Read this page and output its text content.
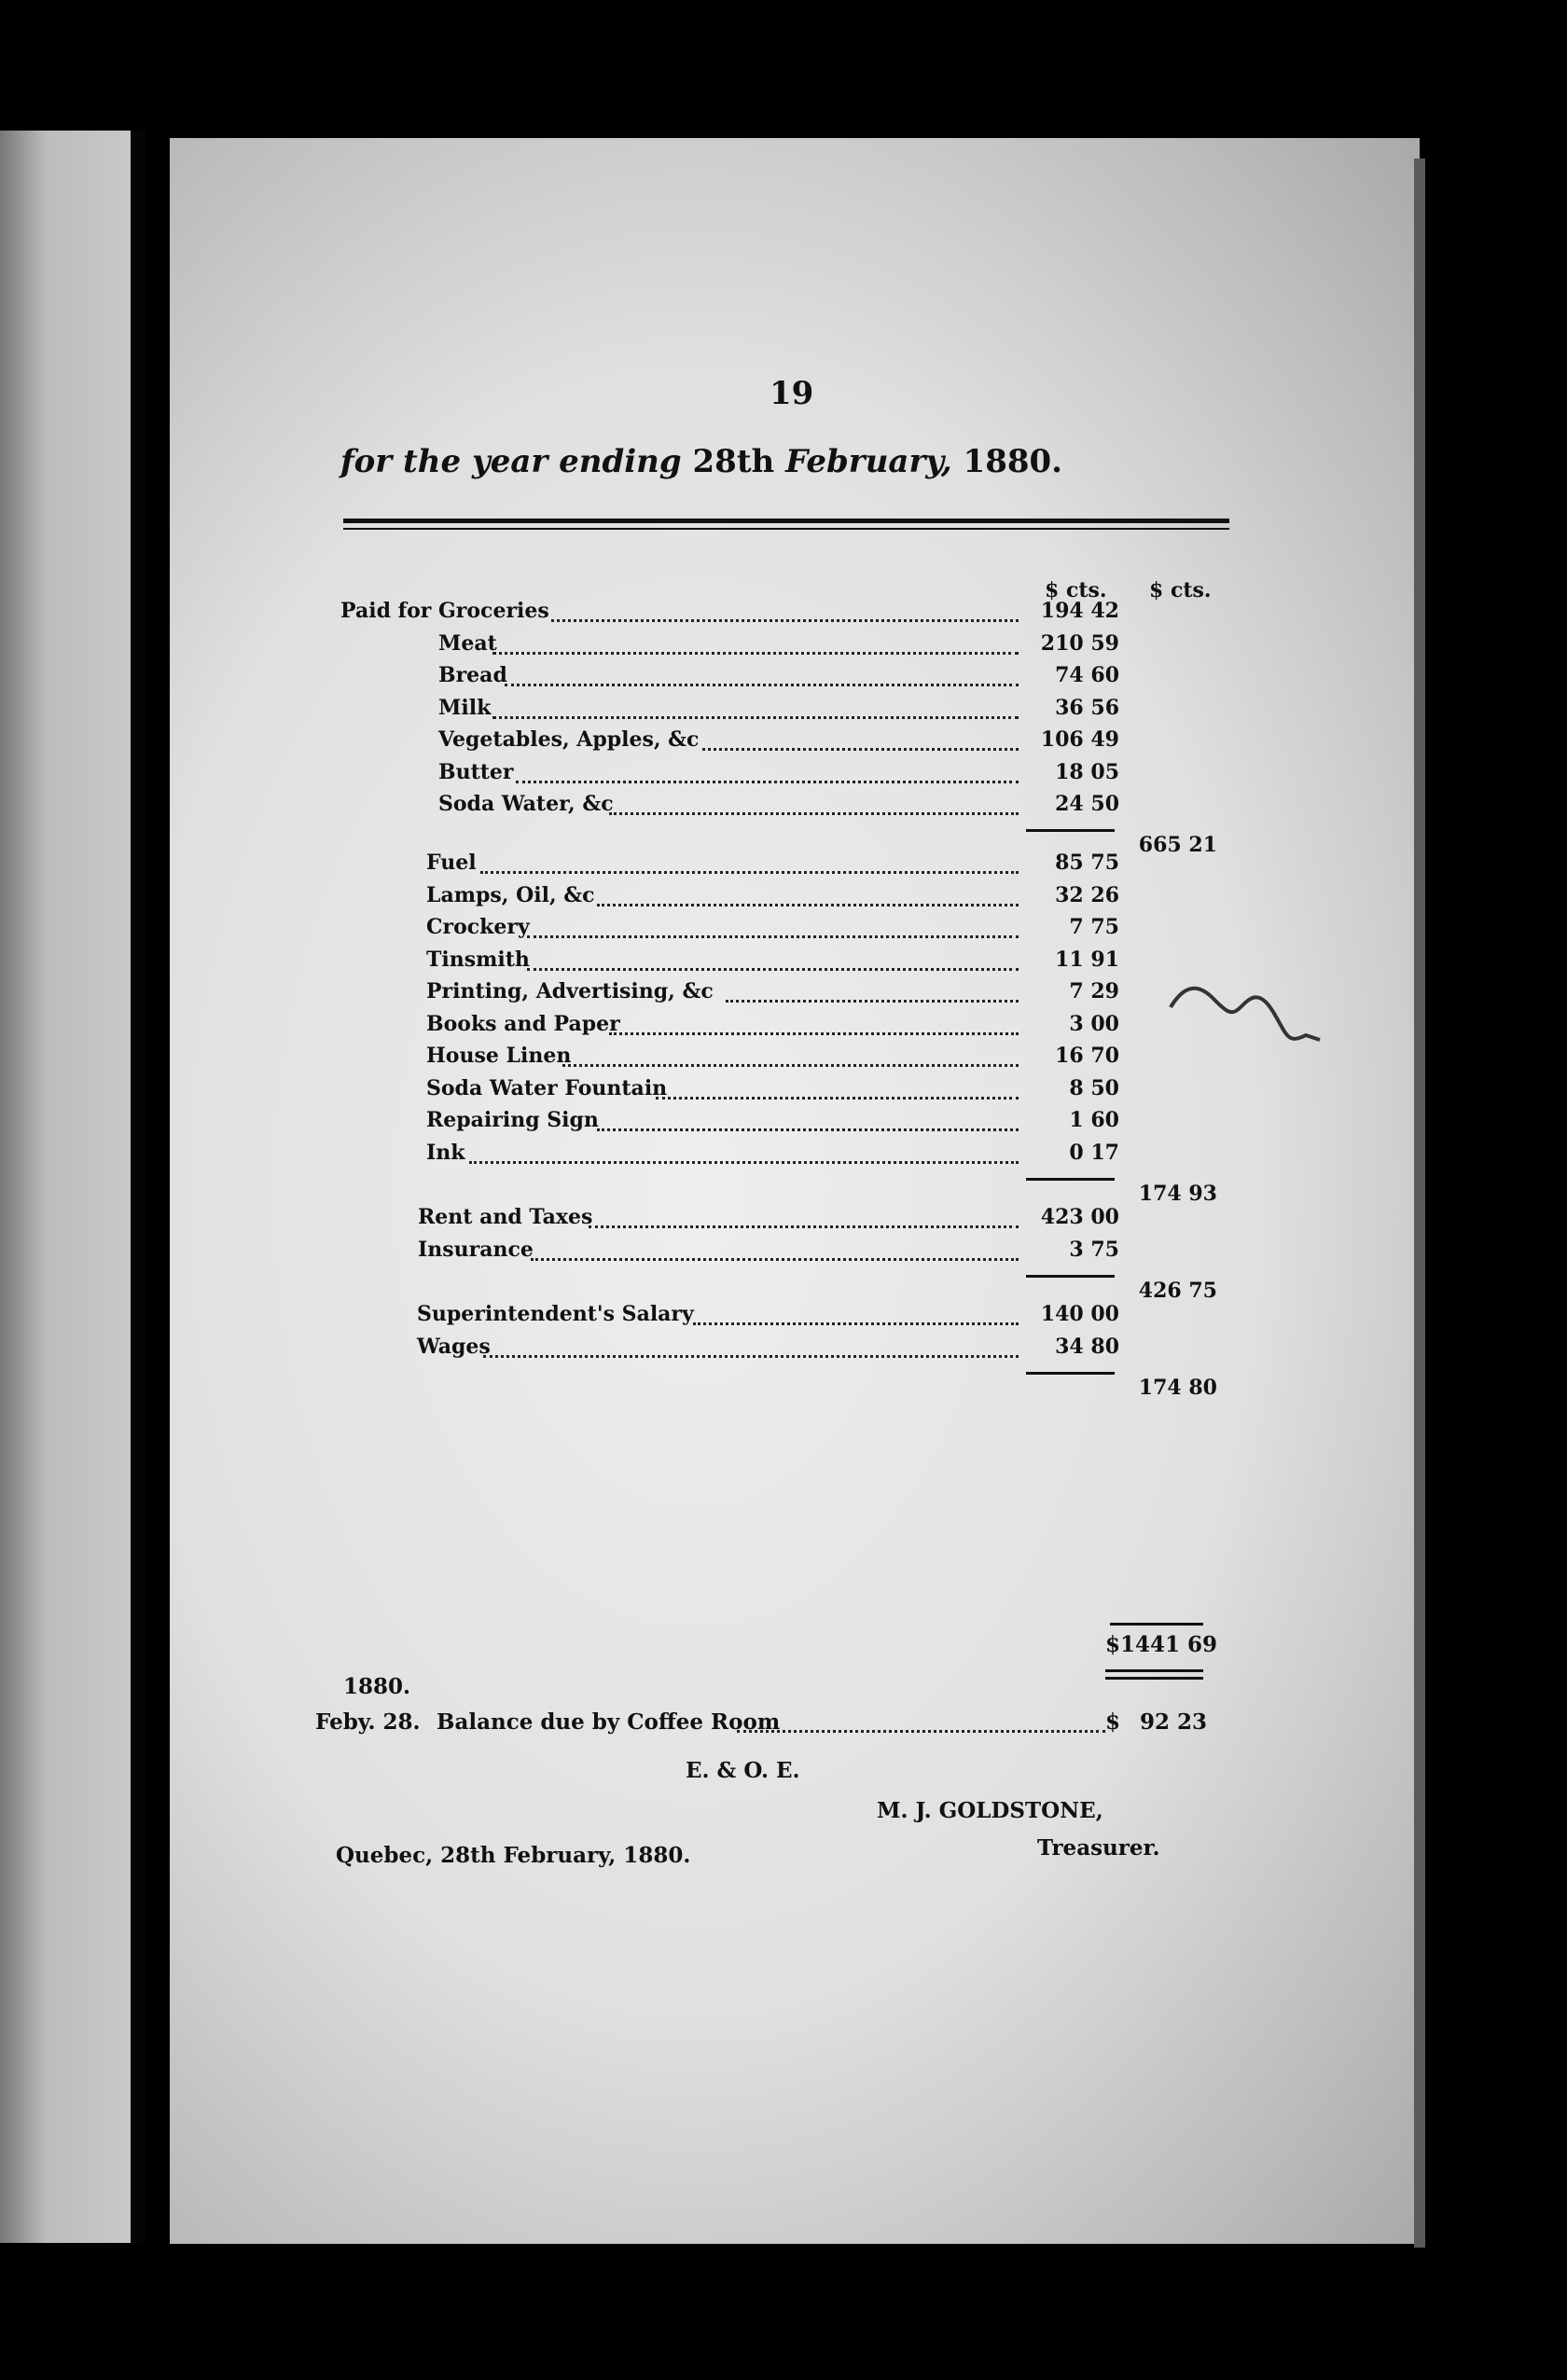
19
for the year ending 28th February, 1880.
$ cts. $ cts.
Paid for Groceries	194 42
Meat	210 59
Bread	74 60
Milk	36 56
Vegetables, Apples, &c	106 49
Butter	18 05
Soda Water, &c	24 50
665 21
Fuel	85 75
Lamps, Oil, &c	32 26
Crockery	7 75
Tinsmith	11 91
Printing, Advertising, &c	7 29
Books and Paper	3 00
House Linen	16 70
Soda Water Fountain	8 50
Repairing Sign	1 60
Ink	0 17
174 93
Rent and Taxes	423 00
Insurance	3 75
426 75
Superintendent's Salary	140 00
Wages	34 80
174 80
$1441 69
1880.
Feby. 28. Balance due by Coffee Room	$ 92 23
E. & O. E.
M. J. GOLDSTONE,
Treasurer.
Quebec, 28th February, 1880.
